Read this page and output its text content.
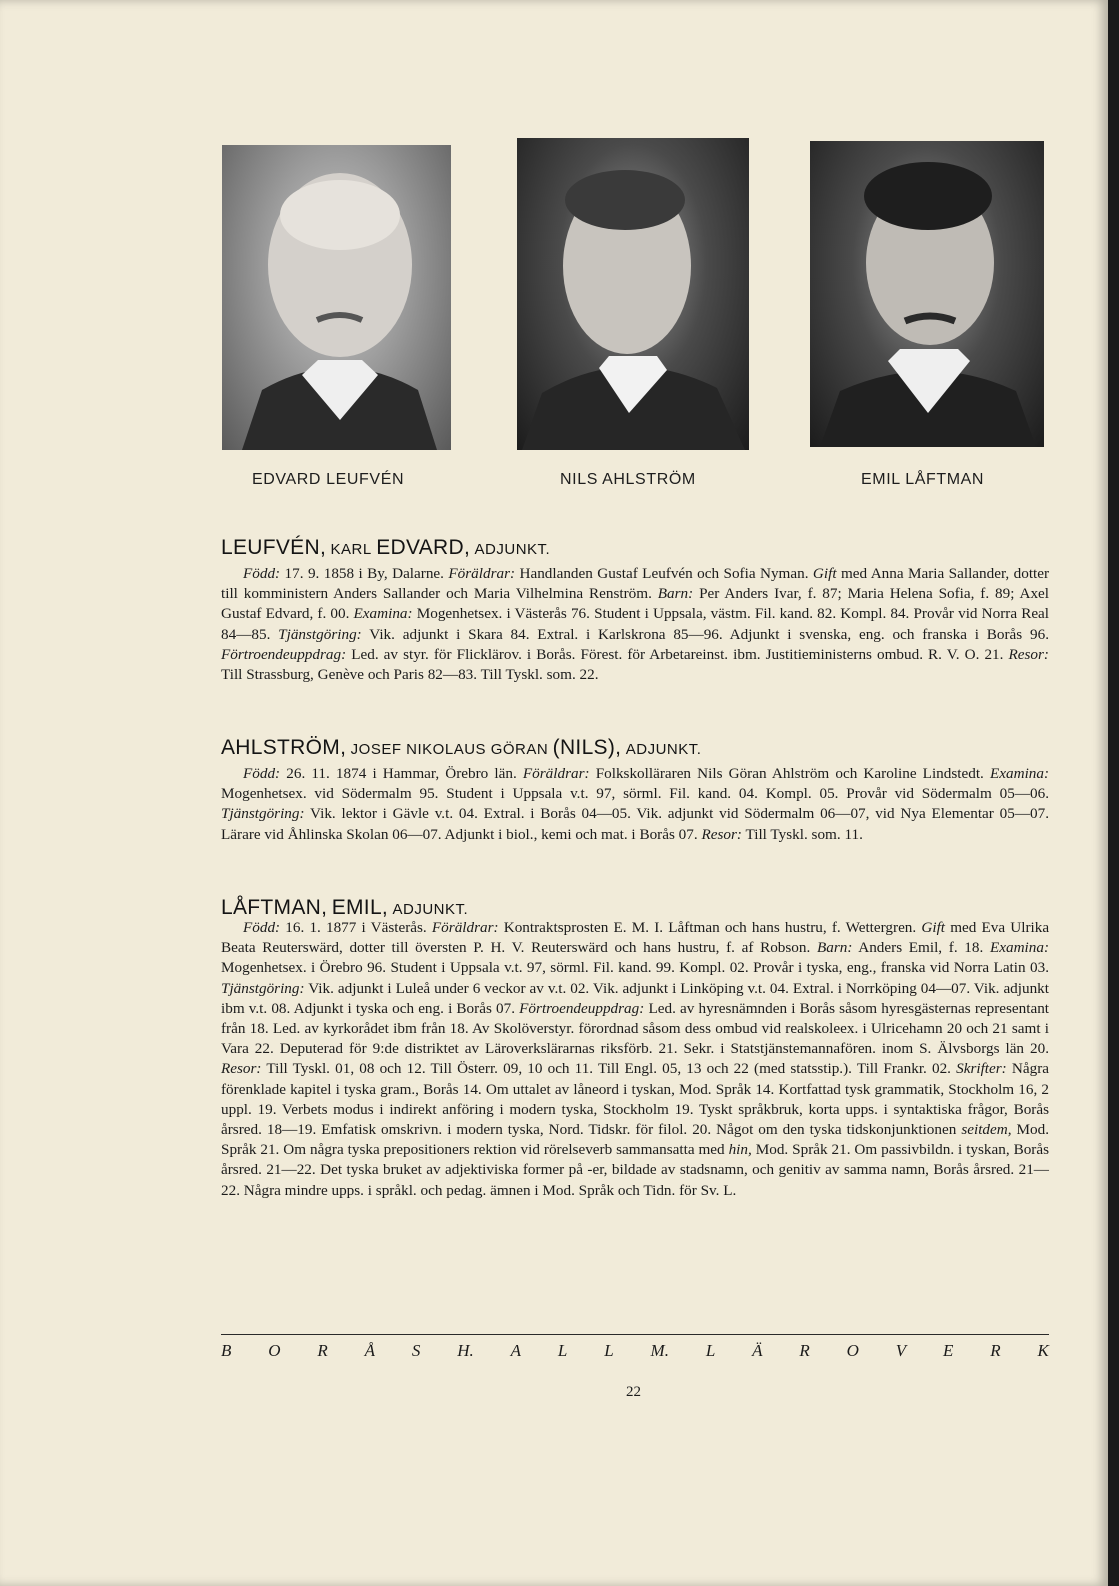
EDVARD LEUFVÉN	NILS AHLSTRÖM	EMIL LÅFTMAN
LEUFVÉN, KARL EDVARD, ADJUNKT.
Född: 17. 9. 1858 i By, Dalarne. Föräldrar: Handlanden Gustaf Leufvén och Sofia Nyman. Gift med Anna Maria Sallander, dotter till komministern Anders Sallander och Maria Vilhelmina Renström. Barn: Per Anders Ivar, f. 87; Maria Helena Sofia, f. 89; Axel Gustaf Edvard, f. 00. Examina: Mogenhetsex. i Västerås 76. Student i Uppsala, västm. Fil. kand. 82. Kompl. 84. Provår vid Norra Real 84—85. Tjänstgöring: Vik. adjunkt i Skara 84. Extral. i Karlskrona 85—96. Adjunkt i svenska, eng. och franska i Borås 96. Förtroendeuppdrag: Led. av styr. för Flicklärov. i Borås. Förest. för Arbetareinst. ibm. Justitieministerns ombud. R. V. O. 21. Resor: Till Strassburg, Genève och Paris 82—83. Till Tyskl. som. 22.
AHLSTRÖM, JOSEF NIKOLAUS GÖRAN (NILS), ADJUNKT.
Född: 26. 11. 1874 i Hammar, Örebro län. Föräldrar: Folkskolläraren Nils Göran Ahlström och Karoline Lindstedt. Examina: Mogenhetsex. vid Södermalm 95. Student i Uppsala v.t. 97, sörml. Fil. kand. 04. Kompl. 05. Provår vid Södermalm 05—06. Tjänstgöring: Vik. lektor i Gävle v.t. 04. Extral. i Borås 04—05. Vik. adjunkt vid Södermalm 06—07, vid Nya Elementar 05—07. Lärare vid Åhlinska Skolan 06—07. Adjunkt i biol., kemi och mat. i Borås 07. Resor: Till Tyskl. som. 11.
LÅFTMAN, EMIL, ADJUNKT.
Född: 16. 1. 1877 i Västerås. Föräldrar: Kontraktsprosten E. M. I. Låftman och hans hustru, f. Wettergren. Gift med Eva Ulrika Beata Reuterswärd, dotter till översten P. H. V. Reuterswärd och hans hustru, f. af Robson. Barn: Anders Emil, f. 18. Examina: Mogenhetsex. i Örebro 96. Student i Uppsala v.t. 97, sörml. Fil. kand. 99. Kompl. 02. Provår i tyska, eng., franska vid Norra Latin 03. Tjänstgöring: Vik. adjunkt i Luleå under 6 veckor av v.t. 02. Vik. adjunkt i Linköping v.t. 04. Extral. i Norrköping 04—07. Vik. adjunkt ibm v.t. 08. Adjunkt i tyska och eng. i Borås 07. Förtroendeuppdrag: Led. av hyresnämnden i Borås såsom hyresgästernas representant från 18. Led. av kyrkorådet ibm från 18. Av Skolöverstyr. förordnad såsom dess ombud vid realskoleex. i Ulricehamn 20 och 21 samt i Vara 22. Deputerad för 9:de distriktet av Läroverkslärarnas riksförb. 21. Sekr. i Statstjänstemannafören. inom S. Älvsborgs län 20. Resor: Till Tyskl. 01, 08 och 12. Till Österr. 09, 10 och 11. Till Engl. 05, 13 och 22 (med statsstip.). Till Frankr. 02. Skrifter: Några förenklade kapitel i tyska gram., Borås 14. Om uttalet av låneord i tyskan, Mod. Språk 14. Kortfattad tysk grammatik, Stockholm 16, 2 uppl. 19. Verbets modus i indirekt anföring i modern tyska, Stockholm 19. Tyskt språkbruk, korta upps. i syntaktiska frågor, Borås årsred. 18—19. Emfatisk omskrivn. i modern tyska, Nord. Tidskr. för filol. 20. Något om den tyska tidskonjunktionen seitdem, Mod. Språk 21. Om några tyska prepositioners rektion vid rörelseverb sammansatta med hin, Mod. Språk 21. Om passivbildn. i tyskan, Borås årsred. 21—22. Det tyska bruket av adjektiviska former på -er, bildade av stadsnamn, och genitiv av samma namn, Borås årsred. 21—22. Några mindre upps. i språkl. och pedag. ämnen i Mod. Språk och Tidn. för Sv. L.
B O R Å S H. A L L M. L Ä R O V E R K
22
